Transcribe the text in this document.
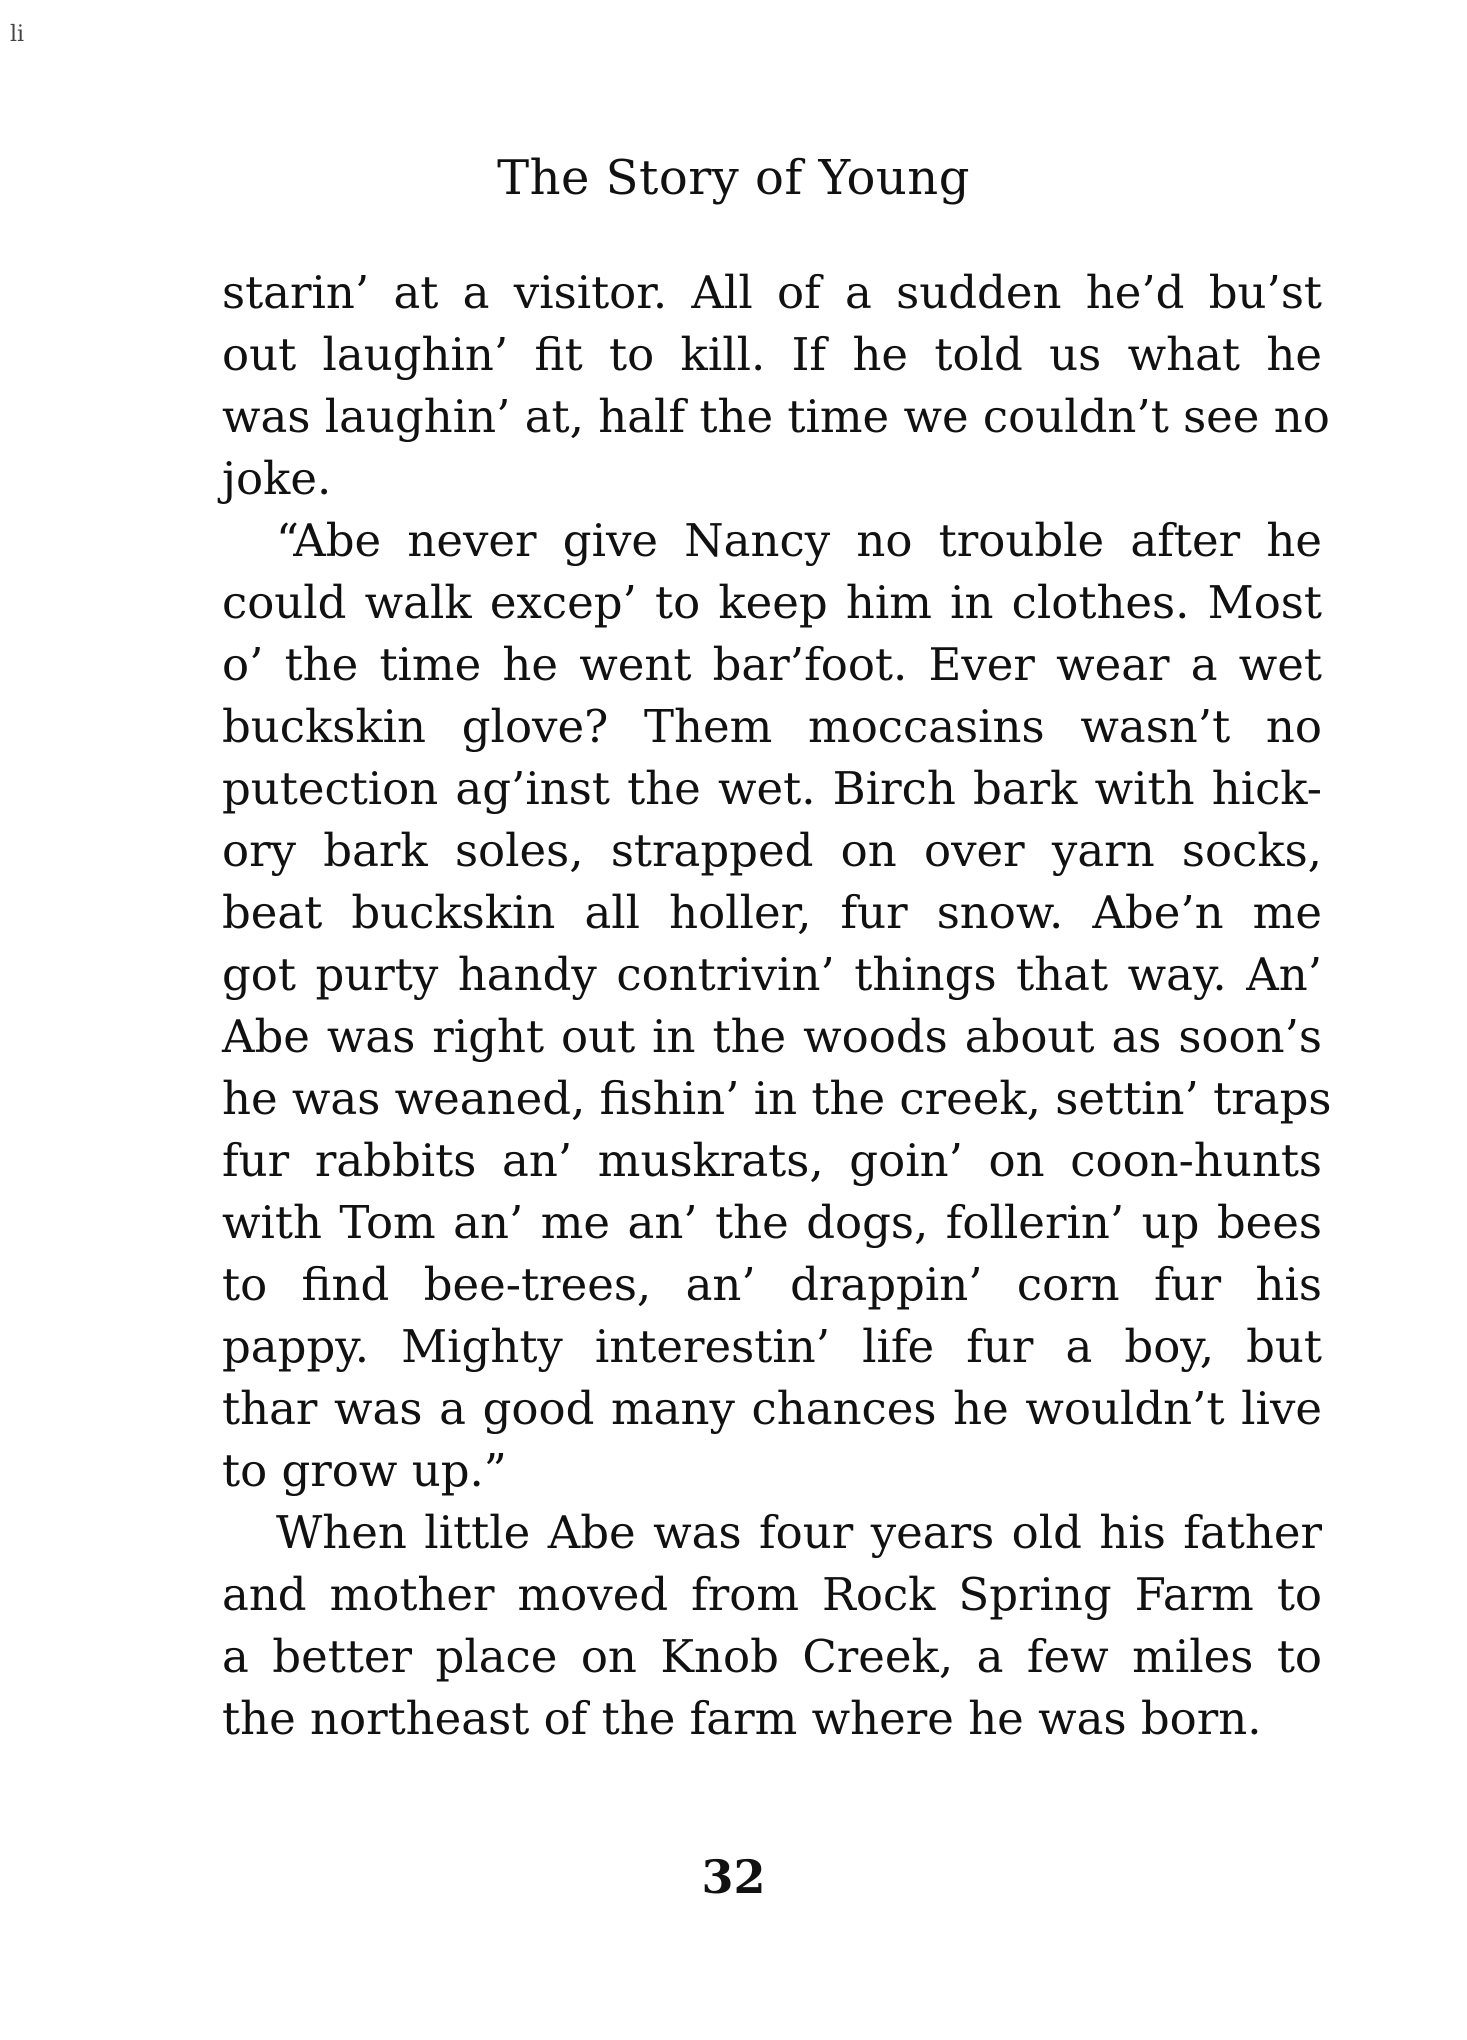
li
The Story of Young
starin’ at a visitor. All of a sudden he’d bu’st
out laughin’ fit to kill. If he told us what he
was laughin’ at, half the time we couldn’t see no
joke.
“Abe never give Nancy no trouble after he
could walk excep’ to keep him in clothes. Most
o’ the time he went bar’foot. Ever wear a wet
buckskin glove? Them moccasins wasn’t no
putection ag’inst the wet. Birch bark with hick-
ory bark soles, strapped on over yarn socks,
beat buckskin all holler, fur snow. Abe’n me
got purty handy contrivin’ things that way. An’
Abe was right out in the woods about as soon’s
he was weaned, fishin’ in the creek, settin’ traps
fur rabbits an’ muskrats, goin’ on coon-hunts
with Tom an’ me an’ the dogs, follerin’ up bees
to find bee-trees, an’ drappin’ corn fur his
pappy. Mighty interestin’ life fur a boy, but
thar was a good many chances he wouldn’t live
to grow up.”
When little Abe was four years old his father
and mother moved from Rock Spring Farm to
a better place on Knob Creek, a few miles to
the northeast of the farm where he was born.
32
